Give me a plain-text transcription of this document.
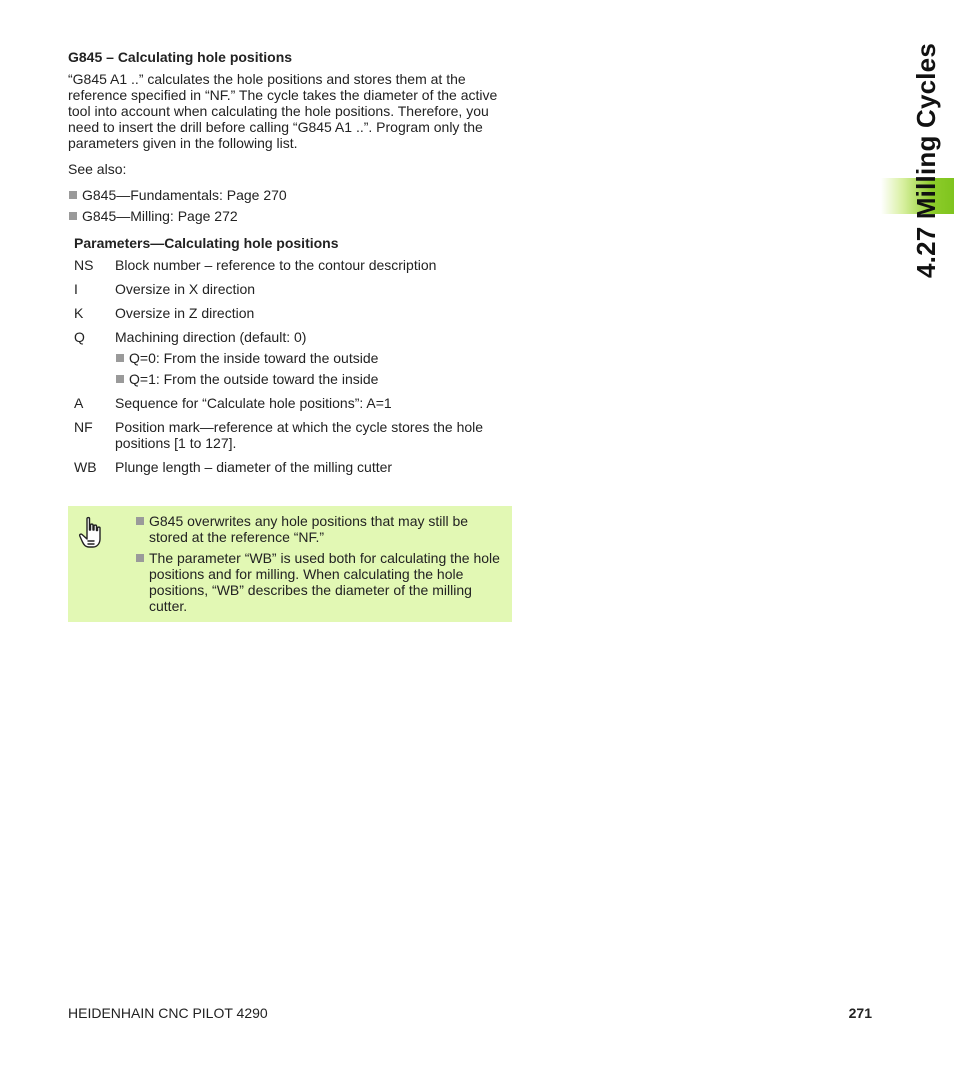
G845 – Calculating hole positions
“G845 A1 ..” calculates the hole positions and stores them at the reference specified in “NF.” The cycle takes the diameter of the active tool into account when calculating the hole positions. Therefore, you need to insert the drill before calling “G845 A1 ..”. Program only the parameters given in the following list.
See also:
G845—Fundamentals: Page 270
G845—Milling: Page 272
Parameters—Calculating hole positions
NS	Block number – reference to the contour description
I	Oversize in X direction
K	Oversize in Z direction
Q	Machining direction (default: 0)
Q=0: From the inside toward the outside
Q=1: From the outside toward the inside
A	Sequence for “Calculate hole positions”: A=1
NF	Position mark—reference at which the cycle stores the hole positions [1 to 127].
WB	Plunge length – diameter of the milling cutter
G845 overwrites any hole positions that may still be stored at the reference “NF.”
The parameter “WB” is used both for calculating the hole positions and for milling. When calculating the hole positions, “WB” describes the diameter of the milling cutter.
4.27 Milling Cycles
HEIDENHAIN CNC PILOT 4290	271
